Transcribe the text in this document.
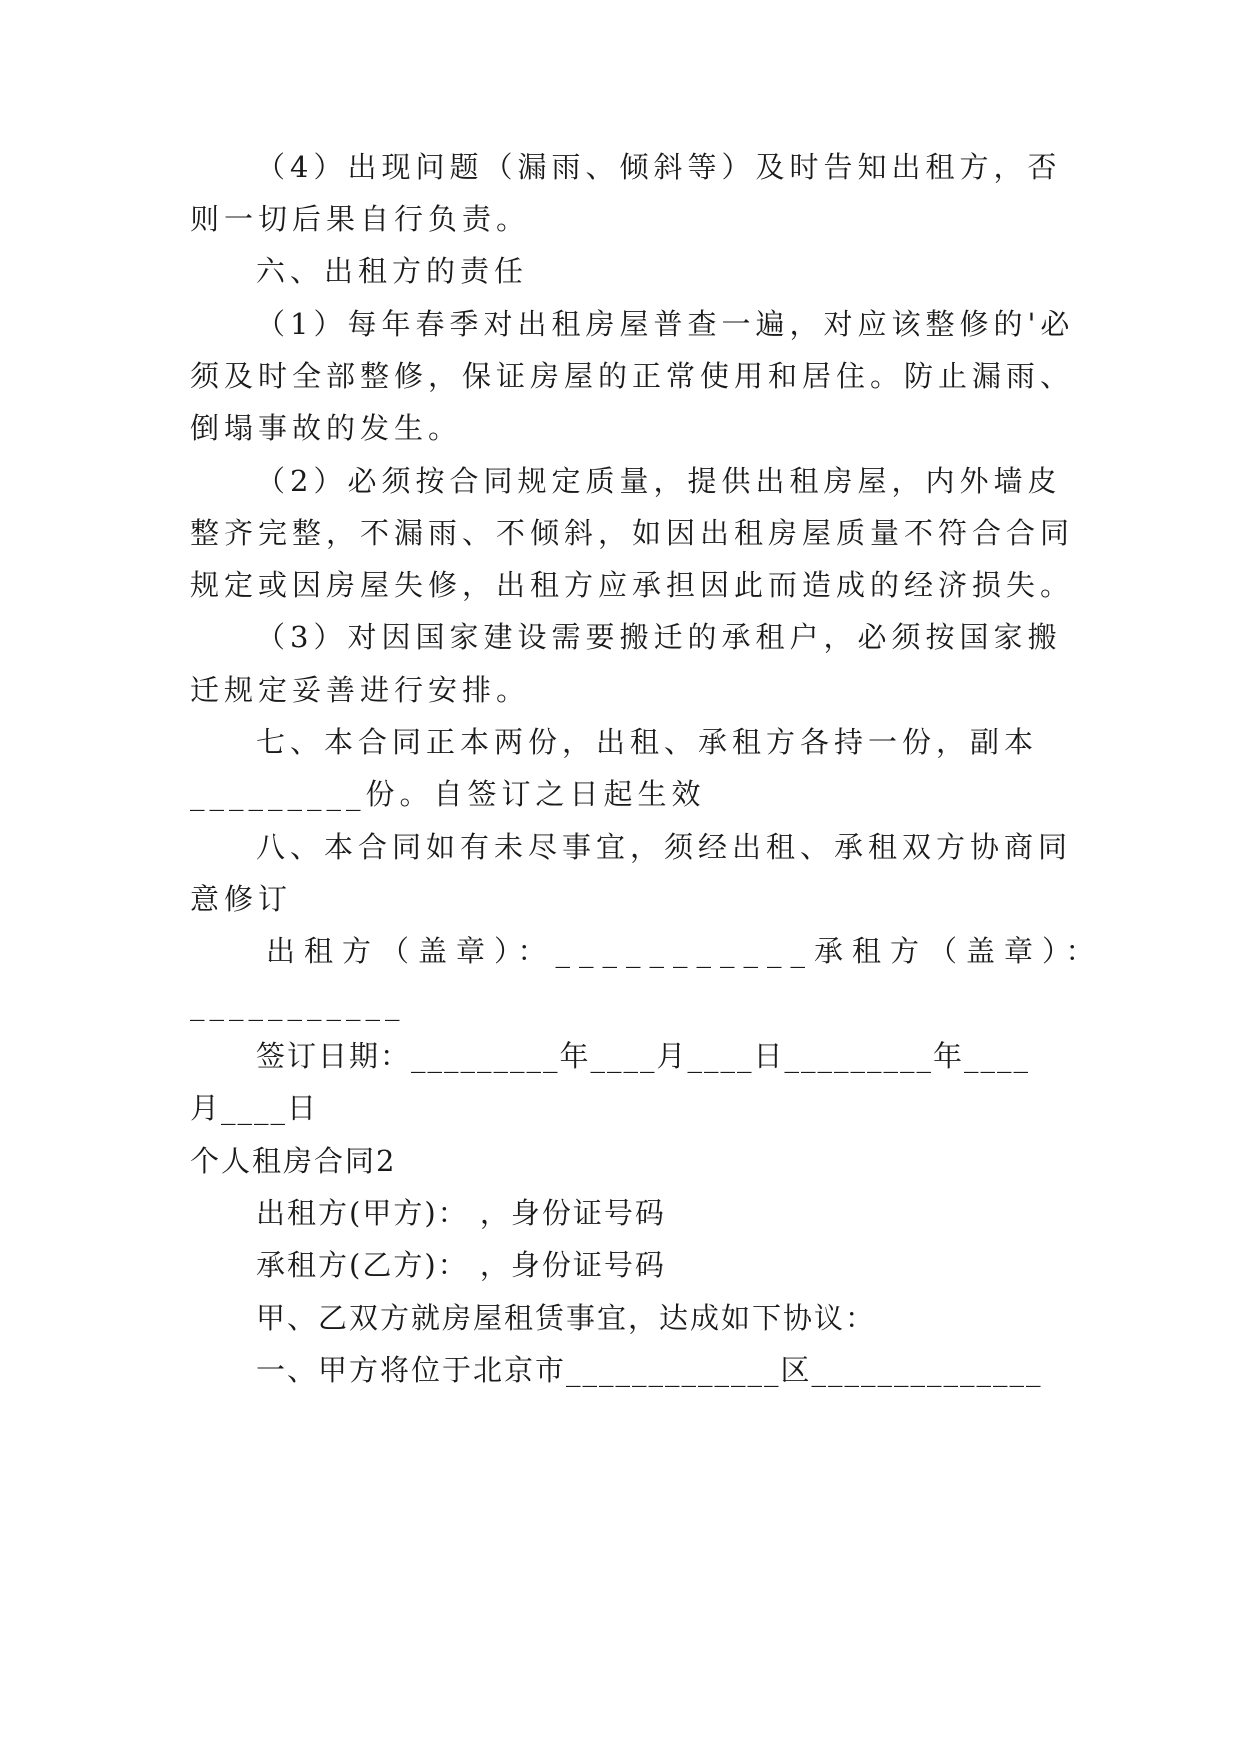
（4）出现问题（漏雨、倾斜等）及时告知出租方，否
则一切后果自行负责。
六、出租方的责任
（1）每年春季对出租房屋普查一遍，对应该整修的'必
须及时全部整修，保证房屋的正常使用和居住。防止漏雨、
倒塌事故的发生。
（2）必须按合同规定质量，提供出租房屋，内外墙皮
整齐完整，不漏雨、不倾斜，如因出租房屋质量不符合合同
规定或因房屋失修，出租方应承担因此而造成的经济损失。
（3）对因国家建设需要搬迁的承租户，必须按国家搬
迁规定妥善进行安排。
七、本合同正本两份，出租、承租方各持一份，副本
_________份。自签订之日起生效
八、本合同如有未尽事宜，须经出租、承租双方协商同
意修订
出租方（盖章）：___________承租方（盖章）：
___________
签订日期：_________年____月____日_________年____
月____日
个人租房合同2
出租方(甲方)： ，身份证号码
承租方(乙方)： ，身份证号码
甲、乙双方就房屋租赁事宜，达成如下协议：
一、甲方将位于北京市_____________区______________
